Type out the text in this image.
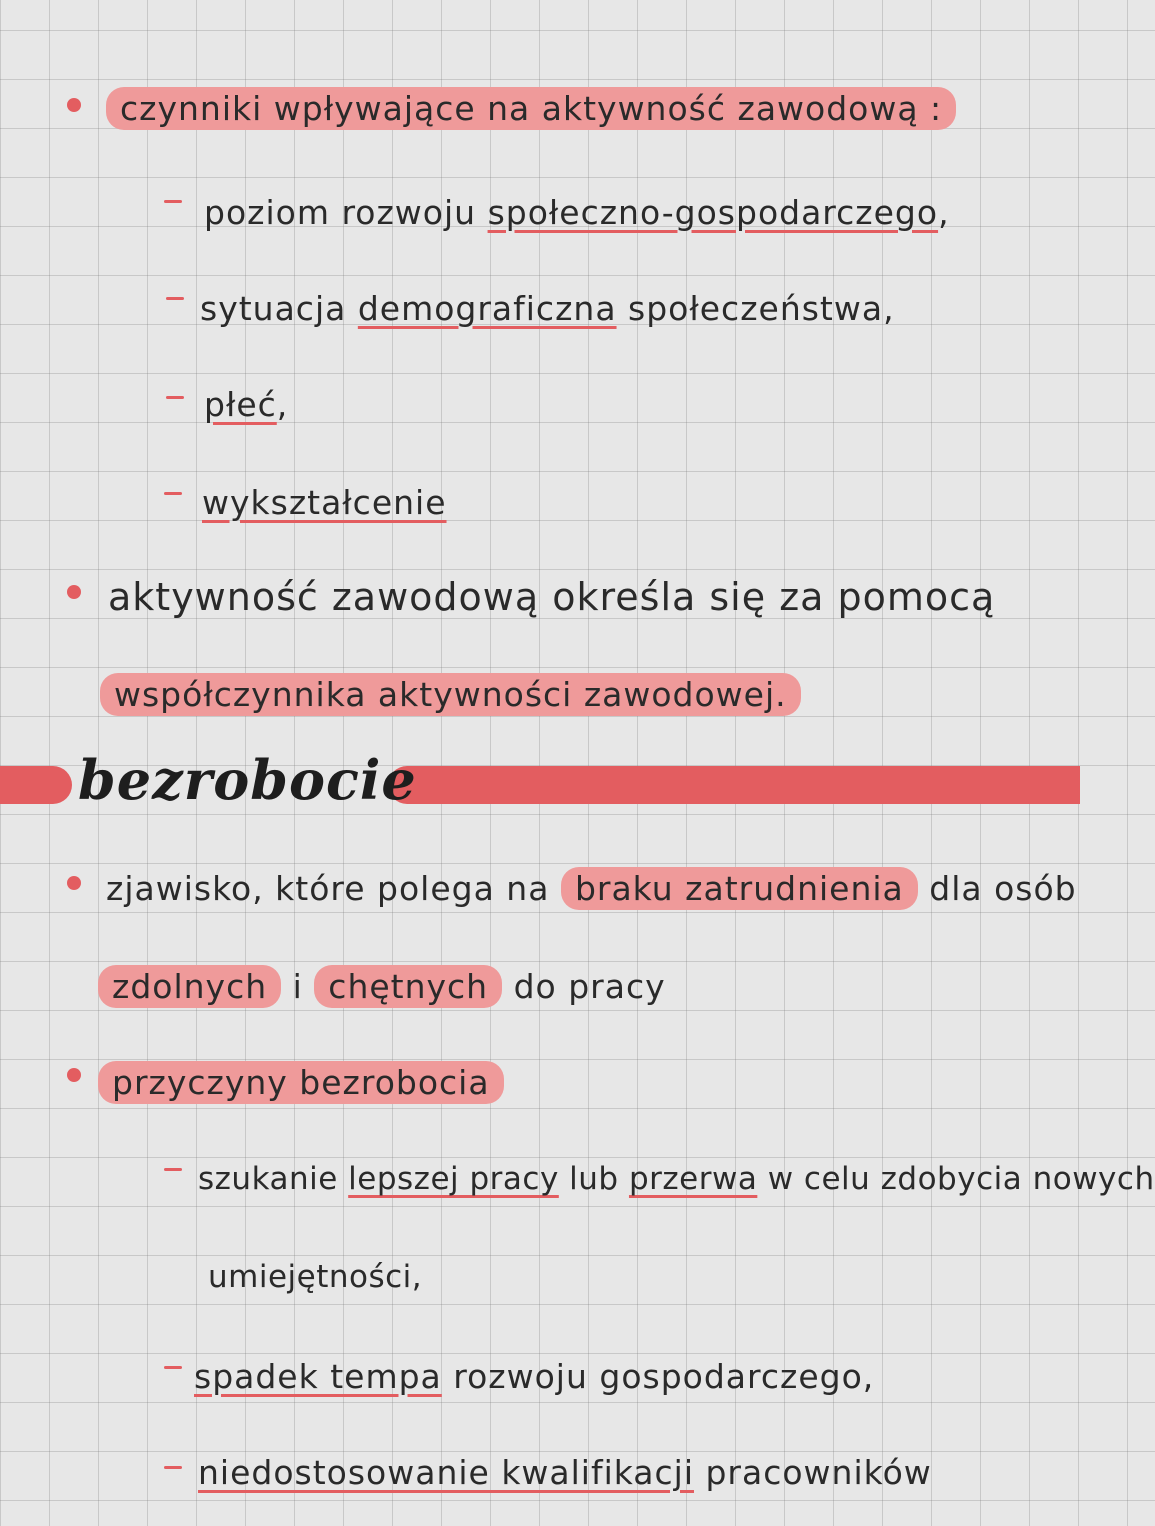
czynniki wpływające na aktywność zawodową :
poziom rozwoju społeczno-gospodarczego,
sytuacja demograficzna społeczeństwa,
płeć,
wykształcenie
aktywność zawodową określa się za pomocą
współczynnika aktywności zawodowej.
bezrobocie
zjawisko, które polega na braku zatrudnienia dla osób
zdolnych i chętnych do pracy
przyczyny bezrobocia
szukanie lepszej pracy lub przerwa w celu zdobycia nowych
umiejętności,
spadek tempa rozwoju gospodarczego,
niedostosowanie kwalifikacji pracowników
